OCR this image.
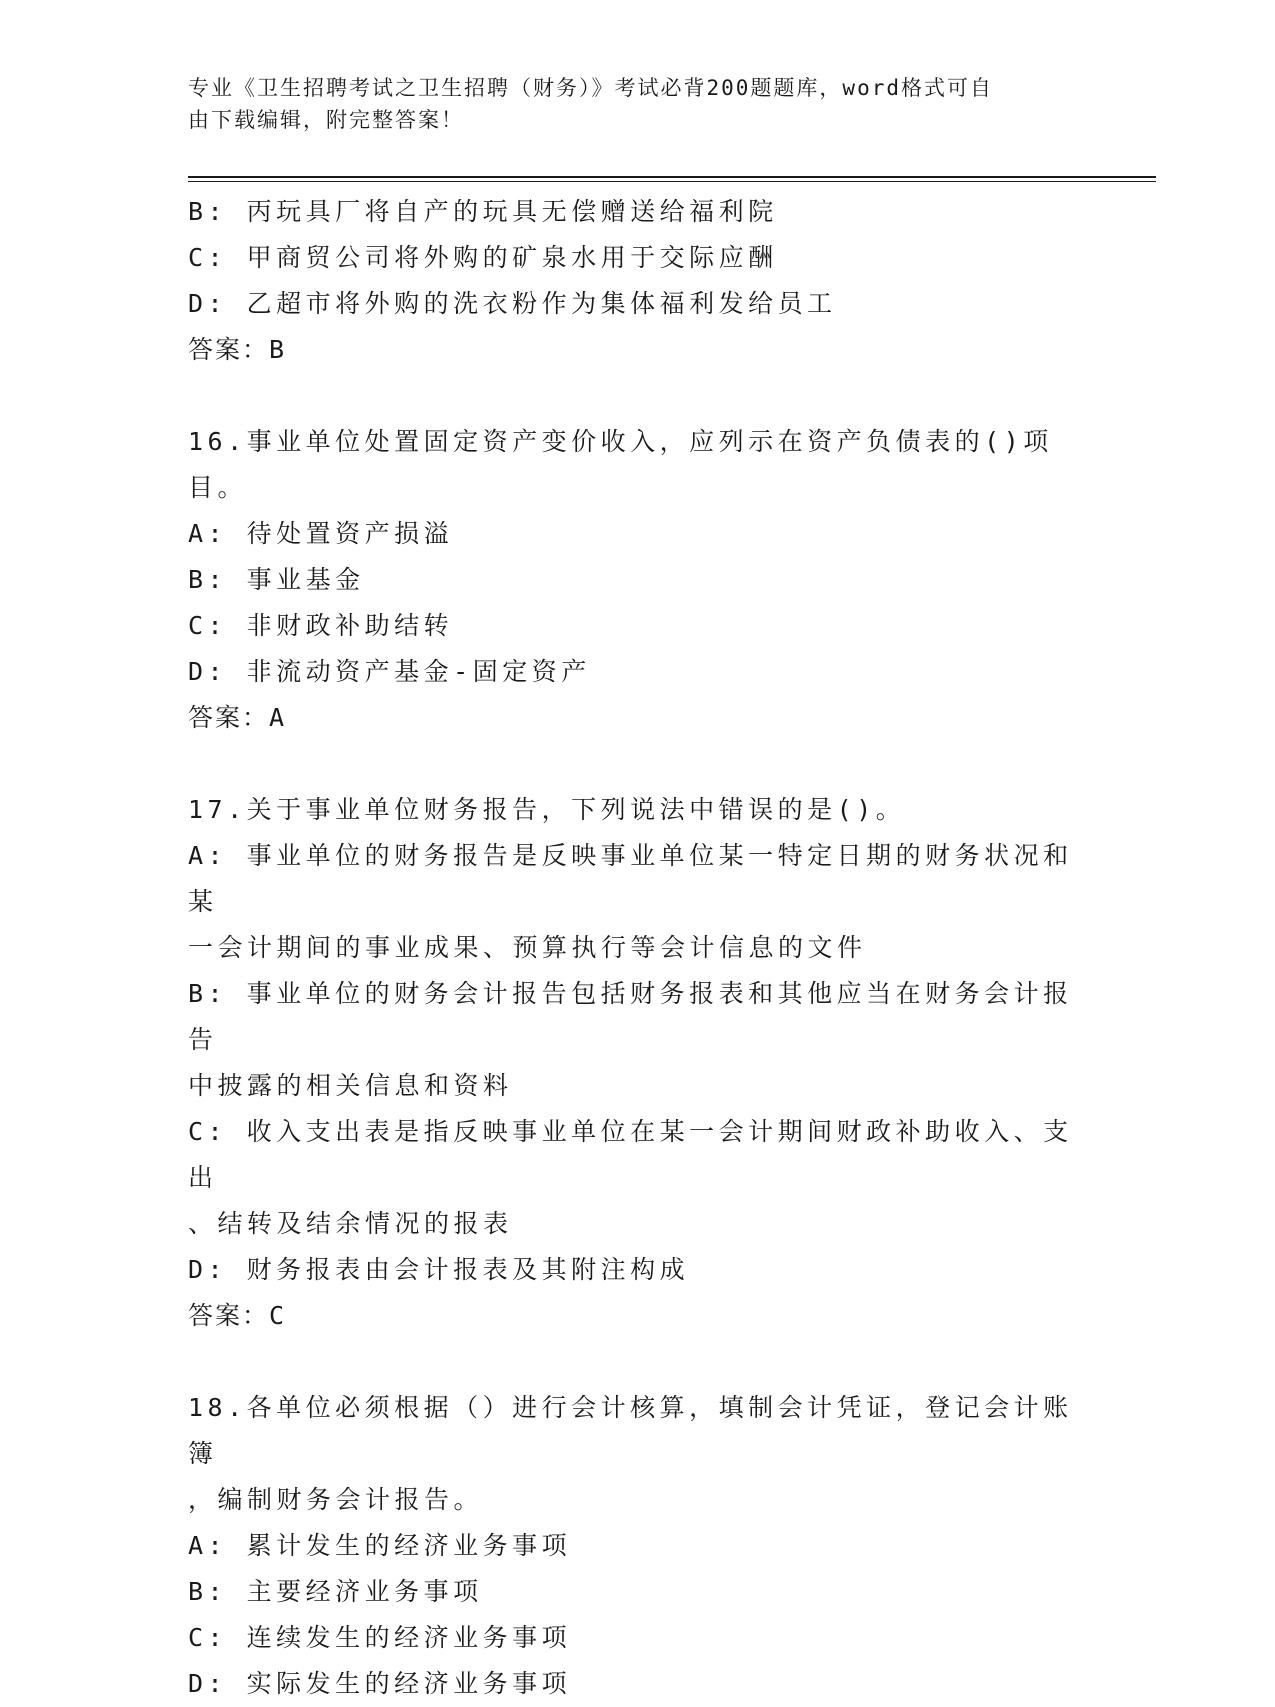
专业《卫生招聘考试之卫生招聘（财务）》考试必背200题题库，word格式可自
由下载编辑，附完整答案！
B: 丙玩具厂将自产的玩具无偿赠送给福利院
C: 甲商贸公司将外购的矿泉水用于交际应酬
D: 乙超市将外购的洗衣粉作为集体福利发给员工
答案：B
16.事业单位处置固定资产变价收入，应列示在资产负债表的()项目。
A: 待处置资产损溢
B: 事业基金
C: 非财政补助结转
D: 非流动资产基金-固定资产
答案：A
17.关于事业单位财务报告，下列说法中错误的是()。
A: 事业单位的财务报告是反映事业单位某一特定日期的财务状况和某
一会计期间的事业成果、预算执行等会计信息的文件
B: 事业单位的财务会计报告包括财务报表和其他应当在财务会计报告
中披露的相关信息和资料
C: 收入支出表是指反映事业单位在某一会计期间财政补助收入、支出
、结转及结余情况的报表
D: 财务报表由会计报表及其附注构成
答案：C
18.各单位必须根据（）进行会计核算，填制会计凭证，登记会计账簿
，编制财务会计报告。
A: 累计发生的经济业务事项
B: 主要经济业务事项
C: 连续发生的经济业务事项
D: 实际发生的经济业务事项
